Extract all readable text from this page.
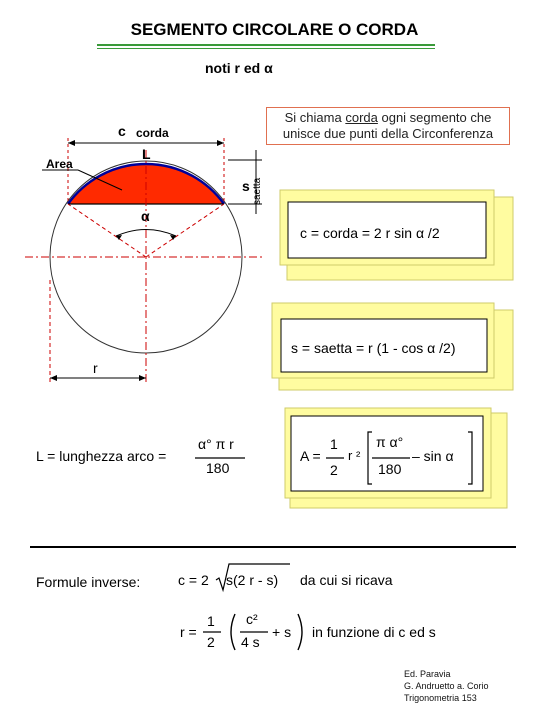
SEGMENTO CIRCOLARE O CORDA
noti r ed α
Si chiama corda ogni segmento che
unisce due punti della Circonferenza
c corda
L
Area
s saetta
α
r
c = corda = 2 r sin α /2
s = saetta = r (1 - cos α /2)
L = lunghezza arco =
α° π r
180
A =
1
2
r ²
π α°
180
– sin α
Formule inverse:	c = 2 s(2 r - s) da cui si ricava
r =
1
2
c²
4 s
+ s in funzione di c ed s
Ed. Paravia
G. Andruetto a. Corio
Trigonometria 153
